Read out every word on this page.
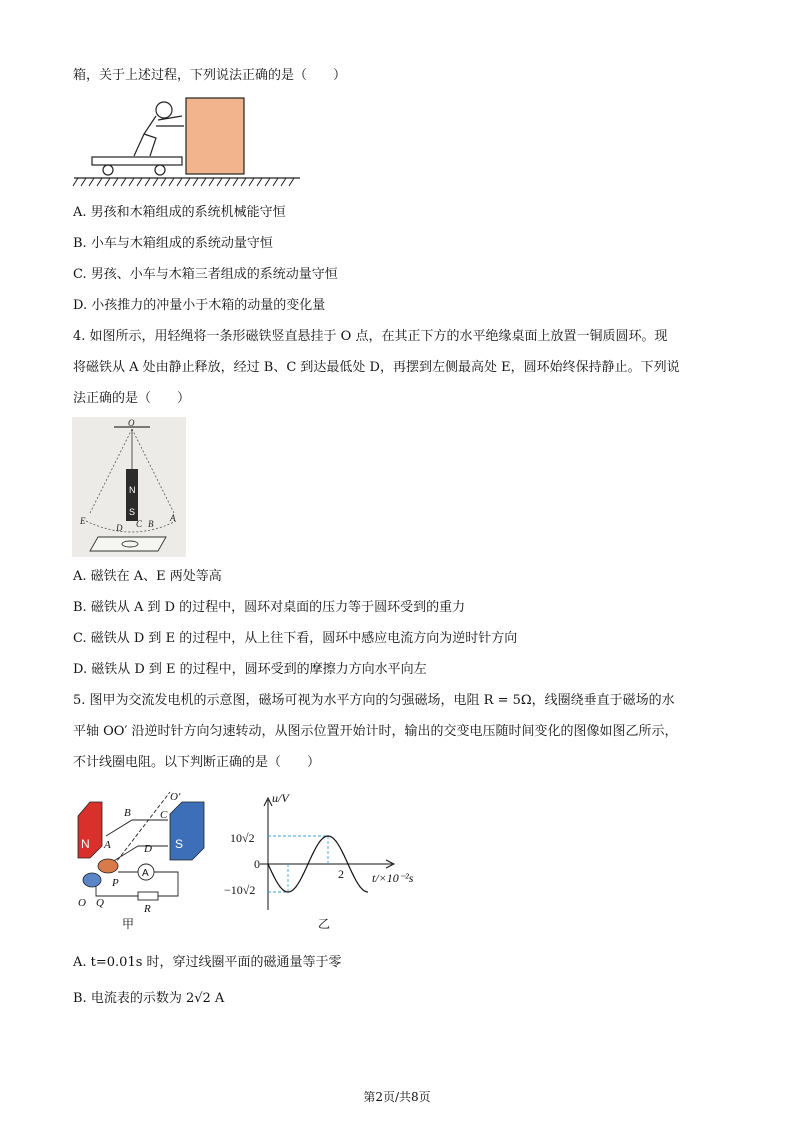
箱，关于上述过程，下列说法正确的是（　　）
A. 男孩和木箱组成的系统机械能守恒
B. 小车与木箱组成的系统动量守恒
C. 男孩、小车与木箱三者组成的系统动量守恒
D. 小孩推力的冲量小于木箱的动量的变化量
4. 如图所示，用轻绳将一条形磁铁竖直悬挂于 O 点，在其正下方的水平绝缘桌面上放置一铜质圆环。现
将磁铁从 A 处由静止释放，经过 B、C 到达最低处 D，再摆到左侧最高处 E，圆环始终保持静止。下列说
法正确的是（　　）
O
N
S
E
D C B
A
A. 磁铁在 A、E 两处等高
B. 磁铁从 A 到 D 的过程中，圆环对桌面的压力等于圆环受到的重力
C. 磁铁从 D 到 E 的过程中，从上往下看，圆环中感应电流方向为逆时针方向
D. 磁铁从 D 到 E 的过程中，圆环受到的摩擦力方向水平向左
5. 图甲为交流发电机的示意图，磁场可视为水平方向的匀强磁场，电阻 R = 5Ω，线圈绕垂直于磁场的水
平轴 OO′ 沿逆时针方向匀速转动，从图示位置开始计时，输出的交变电压随时间变化的图像如图乙所示，
不计线圈电阻。以下判断正确的是（　　）
N	S
O′
B	C
A	D
P
A
O Q	R
甲
u/V
10√2
0
−10√2
2 t/×10⁻²s
乙
A. t=0.01s 时，穿过线圈平面的磁通量等于零
B. 电流表的示数为 2√2 A
第2页/共8页
